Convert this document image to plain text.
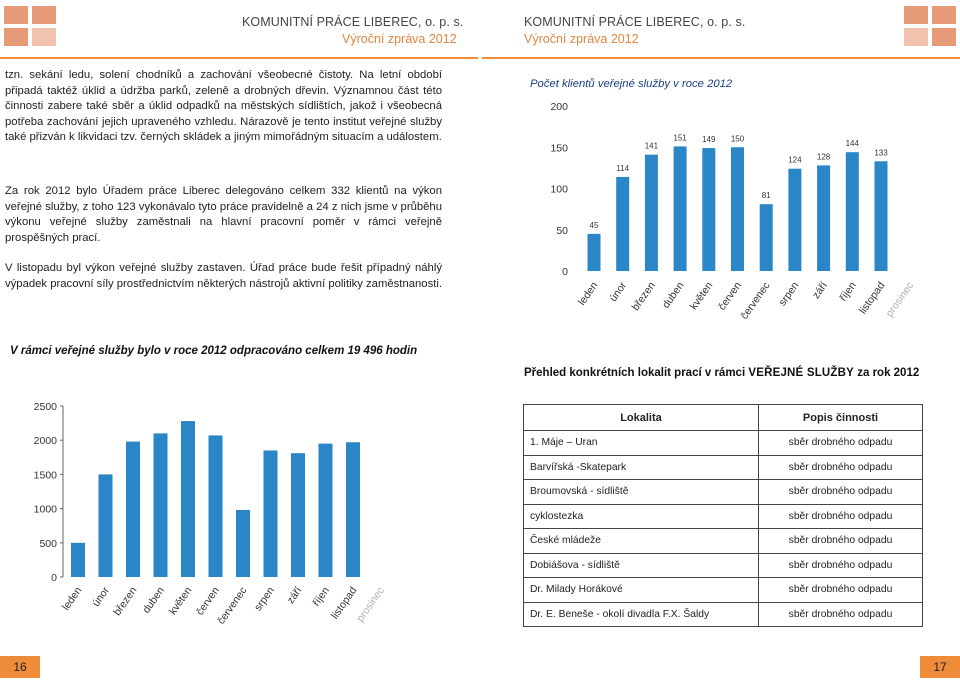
KOMUNITNÍ PRÁCE LIBEREC, o. p. s.
Výroční zpráva 2012
KOMUNITNÍ PRÁCE LIBEREC, o. p. s.
Výroční zpráva 2012
tzn. sekání ledu, solení chodníků a zachování všeobecné čistoty. Na letní období připadá taktéž úklid a údržba parků, zeleně a drobných dřevin. Významnou část této činnosti zabere také sběr a úklid odpadků na městských sídlištích, jakož i všeobecná potřeba zachování jejich upraveného vzhledu. Nárazově je tento institut veřejné služby také přizván k likvidaci tzv. černých skládek a jiným mimořádným situacím a událostem.
Za rok 2012 bylo Úřadem práce Liberec delegováno celkem 332 klientů na výkon veřejné služby, z toho 123 vykonávalo tyto práce pravidelně a 24 z nich jsme v průběhu výkonu veřejné služby zaměstnali na hlavní pracovní poměr v rámci veřejně prospěšných prací.
V listopadu byl výkon veřejné služby zastaven. Úřad práce bude řešit případný náhlý výpadek pracovní síly prostřednictvím některých nástrojů aktivní politiky zaměstnanosti.
V rámci veřejné služby bylo v roce 2012 odpracováno celkem 19 496 hodin
Počet klientů veřejné služby v roce 2012
0
50
100
150
200
45
leden
114
únor
141
březen
151
duben
149
květen
150
červen
81
červenec
124
srpen
128
září
144
říjen
133
listopad
prosinec
0
500
1000
1500
2000
2500
leden únor březen duben květen červen
červenec srpen září říjen
listopad
prosinec
Přehled konkrétních lokalit prací v rámci VEŘEJNÉ SLUŽBY za rok 2012
Lokalita	Popis činnosti
1. Máje – Uran	sběr drobného odpadu
Barvířská -Skatepark	sběr drobného odpadu
Broumovská - sídliště	sběr drobného odpadu
cyklostezka	sběr drobného odpadu
České mládeže	sběr drobného odpadu
Dobiášova - sídliště	sběr drobného odpadu
Dr. Milady Horákové	sběr drobného odpadu
Dr. E. Beneše - okolí divadla F.X. Šaldy	sběr drobného odpadu
16	17
